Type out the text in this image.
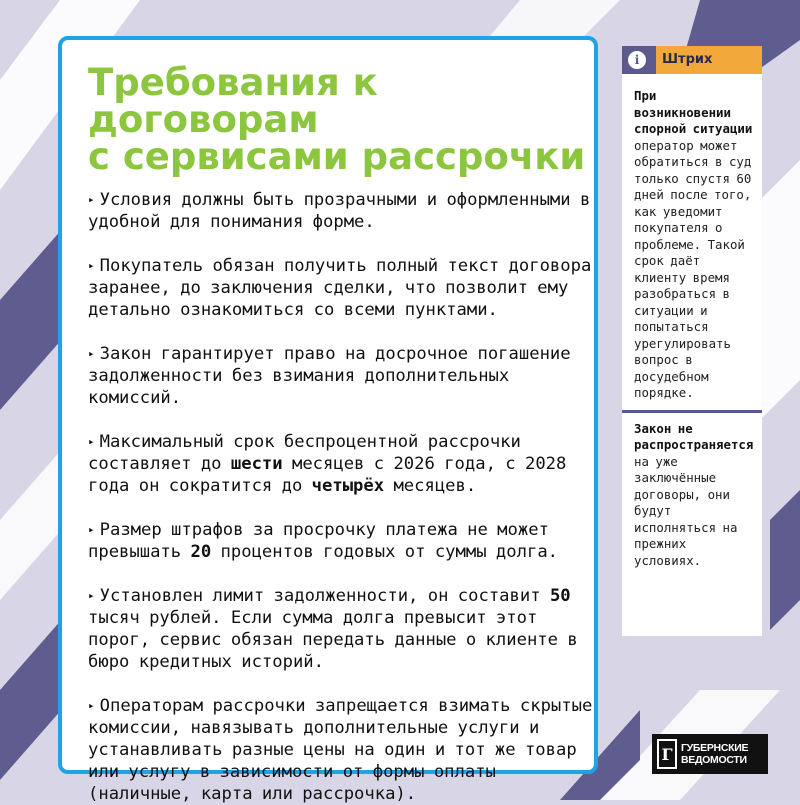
Требования к договорам
с сервисами рассрочки
▸ Условия должны быть прозрачными и оформленными в удобной для понимания форме.
▸ Покупатель обязан получить полный текст договора заранее, до заключения сделки, что позволит ему детально ознакомиться со всеми пунктами.
▸ Закон гарантирует право на досрочное погашение задолженности без взимания дополнительных комиссий.
▸ Максимальный срок беспроцентной рассрочки составляет до шести месяцев с 2026 года, с 2028 года он сократится до четырёх месяцев.
▸ Размер штрафов за просрочку платежа не может превышать 20 процентов годовых от суммы долга.
▸ Установлен лимит задолженности, он составит 50 тысяч рублей. Если сумма долга превысит этот порог, сервис обязан передать данные о клиенте в бюро кредитных историй.
▸ Операторам рассрочки запрещается взимать скрытые комиссии, навязывать дополнительные услуги и устанавливать разные цены на один и тот же товар или услугу в зависимости от формы оплаты (наличные, карта или рассрочка).
i	Штрих
При возникновении спорной ситуации оператор может обратиться в суд только спустя 60 дней после того, как уведомит покупателя о проблеме. Такой срок даёт клиенту время разобраться в ситуации и попытаться урегулировать вопрос в досудебном порядке.
Закон не распространяется на уже заключённые договоры, они будут исполняться на прежних условиях.
Г ГУБЕРНСКИЕ
ВЕДОМОСТИ
